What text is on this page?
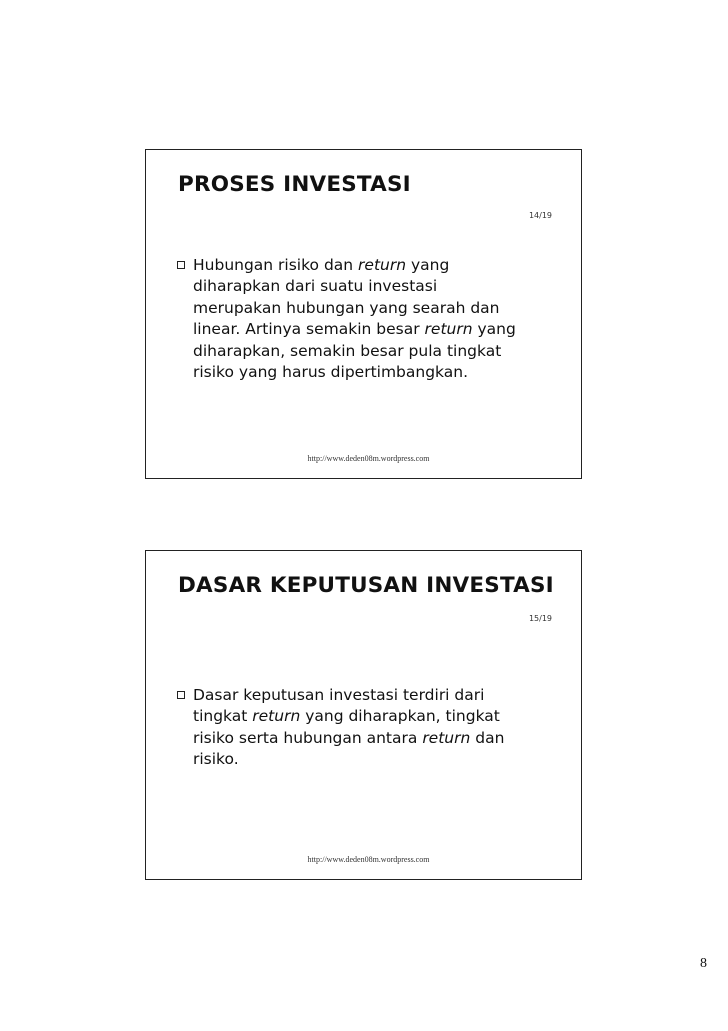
PROSES INVESTASI
14/19
Hubungan risiko dan return yang
diharapkan dari suatu investasi
merupakan hubungan yang searah dan
linear. Artinya semakin besar return yang
diharapkan, semakin besar pula tingkat
risiko yang harus dipertimbangkan.
http://www.deden08m.wordpress.com
DASAR KEPUTUSAN INVESTASI
15/19
Dasar keputusan investasi terdiri dari
tingkat return yang diharapkan, tingkat
risiko serta hubungan antara return dan
risiko.
http://www.deden08m.wordpress.com
8
